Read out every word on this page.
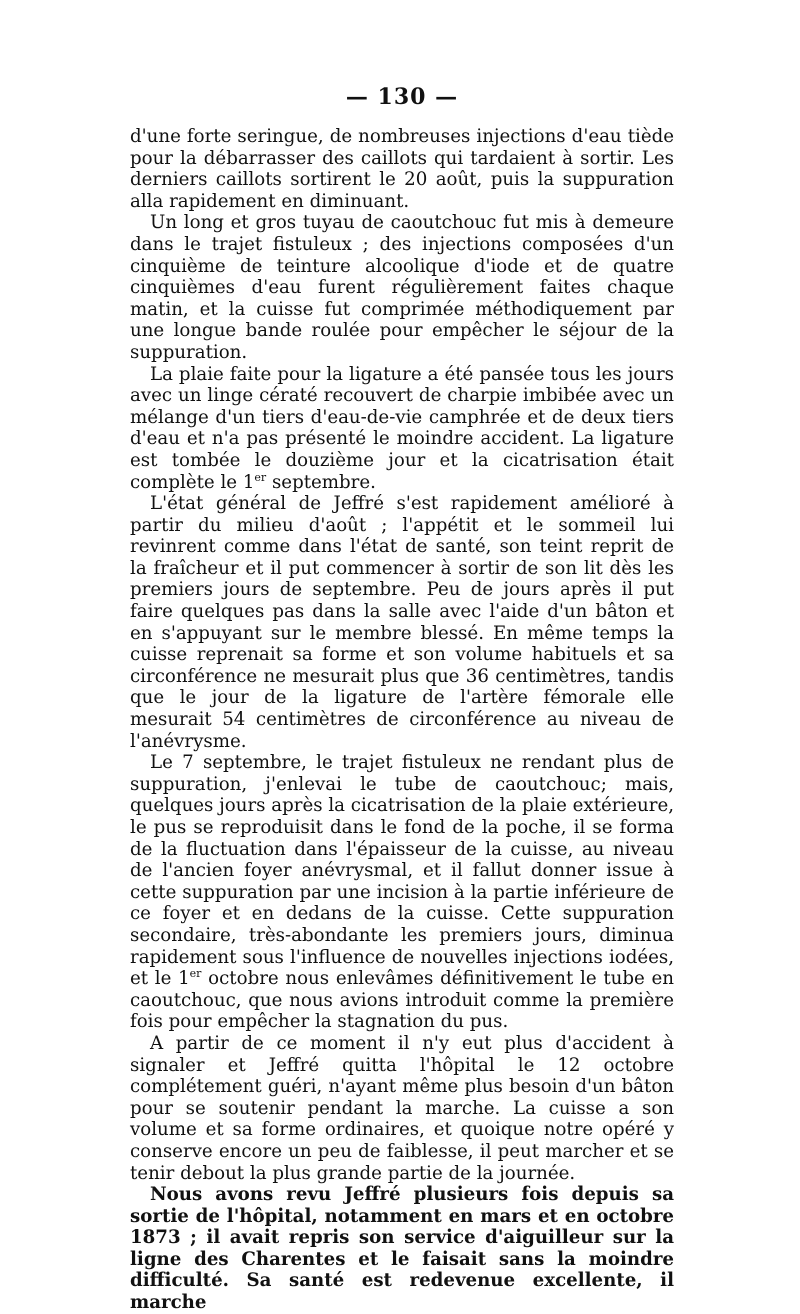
— 130 —

d'une forte seringue, de nombreuses injections d'eau tiède pour la débarrasser des caillots qui tardaient à sortir. Les derniers caillots sortirent le 20 août, puis la suppuration alla rapidement en diminuant.

Un long et gros tuyau de caoutchouc fut mis à demeure dans le trajet fistuleux ; des injections composées d'un cinquième de teinture alcoolique d'iode et de quatre cinquièmes d'eau furent régulièrement faites chaque matin, et la cuisse fut comprimée méthodiquement par une longue bande roulée pour empêcher le séjour de la suppuration.

La plaie faite pour la ligature a été pansée tous les jours avec un linge cératé recouvert de charpie imbibée avec un mélange d'un tiers d'eau-de-vie camphrée et de deux tiers d'eau et n'a pas présenté le moindre accident. La ligature est tombée le douzième jour et la cicatrisation était complète le 1er septembre.

L'état général de Jeffré s'est rapidement amélioré à partir du milieu d'août ; l'appétit et le sommeil lui revinrent comme dans l'état de santé, son teint reprit de la fraîcheur et il put commencer à sortir de son lit dès les premiers jours de septembre. Peu de jours après il put faire quelques pas dans la salle avec l'aide d'un bâton et en s'appuyant sur le membre blessé. En même temps la cuisse reprenait sa forme et son volume habituels et sa circonférence ne mesurait plus que 36 centimètres, tandis que le jour de la ligature de l'artère fémorale elle mesurait 54 centimètres de circonférence au niveau de l'anévrysme.

Le 7 septembre, le trajet fistuleux ne rendant plus de suppuration, j'enlevai le tube de caoutchouc; mais, quelques jours après la cicatrisation de la plaie extérieure, le pus se reproduisit dans le fond de la poche, il se forma de la fluctuation dans l'épaisseur de la cuisse, au niveau de l'ancien foyer anévrysmal, et il fallut donner issue à cette suppuration par une incision à la partie inférieure de ce foyer et en dedans de la cuisse. Cette suppuration secondaire, très-abondante les premiers jours, diminua rapidement sous l'influence de nouvelles injections iodées, et le 1er octobre nous enlevâmes définitivement le tube en caoutchouc, que nous avions introduit comme la première fois pour empêcher la stagnation du pus.

A partir de ce moment il n'y eut plus d'accident à signaler et Jeffré quitta l'hôpital le 12 octobre complétement guéri, n'ayant même plus besoin d'un bâton pour se soutenir pendant la marche. La cuisse a son volume et sa forme ordinaires, et quoique notre opéré y conserve encore un peu de faiblesse, il peut marcher et se tenir debout la plus grande partie de la journée.

Nous avons revu Jeffré plusieurs fois depuis sa sortie de l'hôpital, notamment en mars et en octobre 1873 ; il avait repris son service d'aiguilleur sur la ligne des Charentes et le faisait sans la moindre difficulté. Sa santé est redevenue excellente, il marche
